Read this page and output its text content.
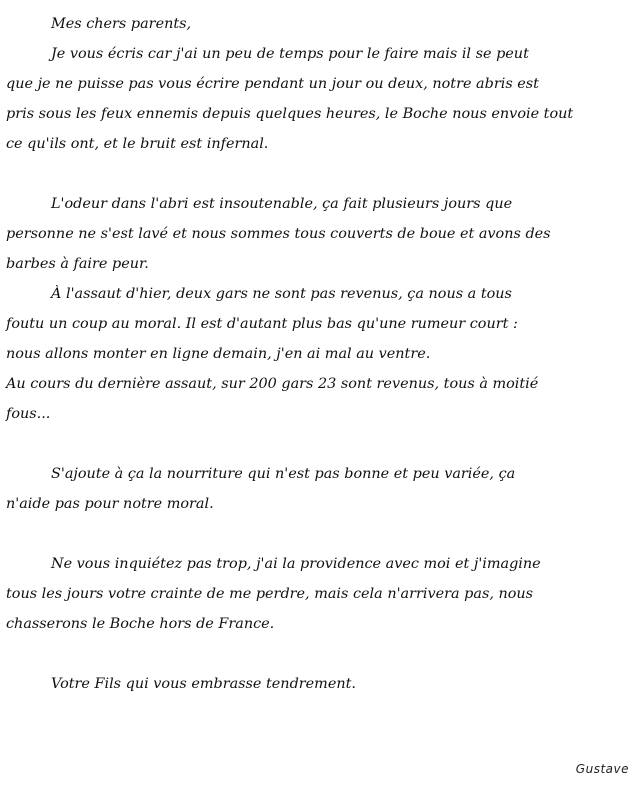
Mes chers parents,
Je vous écris car j'ai un peu de temps pour le faire mais il se peut
que je ne puisse pas vous écrire pendant un jour ou deux, notre abris est
pris sous les feux ennemis depuis quelques heures, le Boche nous envoie tout
ce qu'ils ont, et le bruit est infernal.
L'odeur dans l'abri est insoutenable, ça fait plusieurs jours que
personne ne s'est lavé et nous sommes tous couverts de boue et avons des
barbes à faire peur.
À l'assaut d'hier, deux gars ne sont pas revenus, ça nous a tous
foutu un coup au moral. Il est d'autant plus bas qu'une rumeur court :
nous allons monter en ligne demain, j'en ai mal au ventre.
Au cours du dernière assaut, sur 200 gars 23 sont revenus, tous à moitié
fous...
S'ajoute à ça la nourriture qui n'est pas bonne et peu variée, ça
n'aide pas pour notre moral.
Ne vous inquiétez pas trop, j'ai la providence avec moi et j'imagine
tous les jours votre crainte de me perdre, mais cela n'arrivera pas, nous
chasserons le Boche hors de France.
Votre Fils qui vous embrasse tendrement.
Gustave
